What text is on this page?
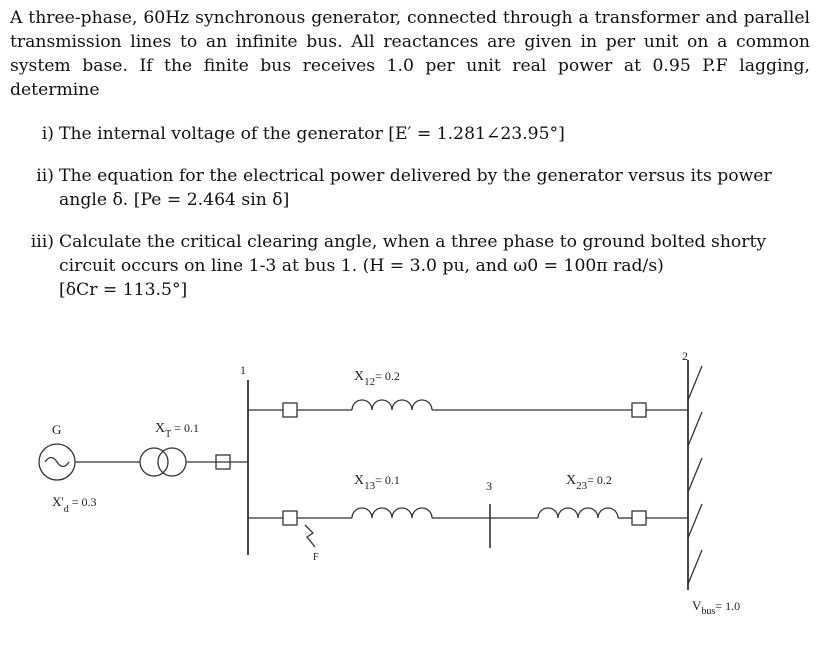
A three-phase, 60Hz synchronous generator, connected through a transformer and parallel transmission lines to an infinite bus. All reactances are given in per unit on a common system base. If the finite bus receives 1.0 per unit real power at 0.95 P.F lagging, determine
i) The internal voltage of the generator [E′ = 1.281∠23.95°]
ii) The equation for the electrical power delivered by the generator versus its power angle δ. [Pe = 2.464 sin δ]
iii) Calculate the critical clearing angle, when a three phase to ground bolted shorty circuit occurs on line 1-3 at bus 1. (H = 3.0 pu, and ω0 = 100π rad/s)
[δCr = 113.5°]
G
$X'_d = 0.3$
$X_T = 0.1$
1
2
3
$X_{12}= 0.2$
$X_{13}= 0.1$	$X_{23}= 0.2$
F
$V_{bus}= 1.0$
